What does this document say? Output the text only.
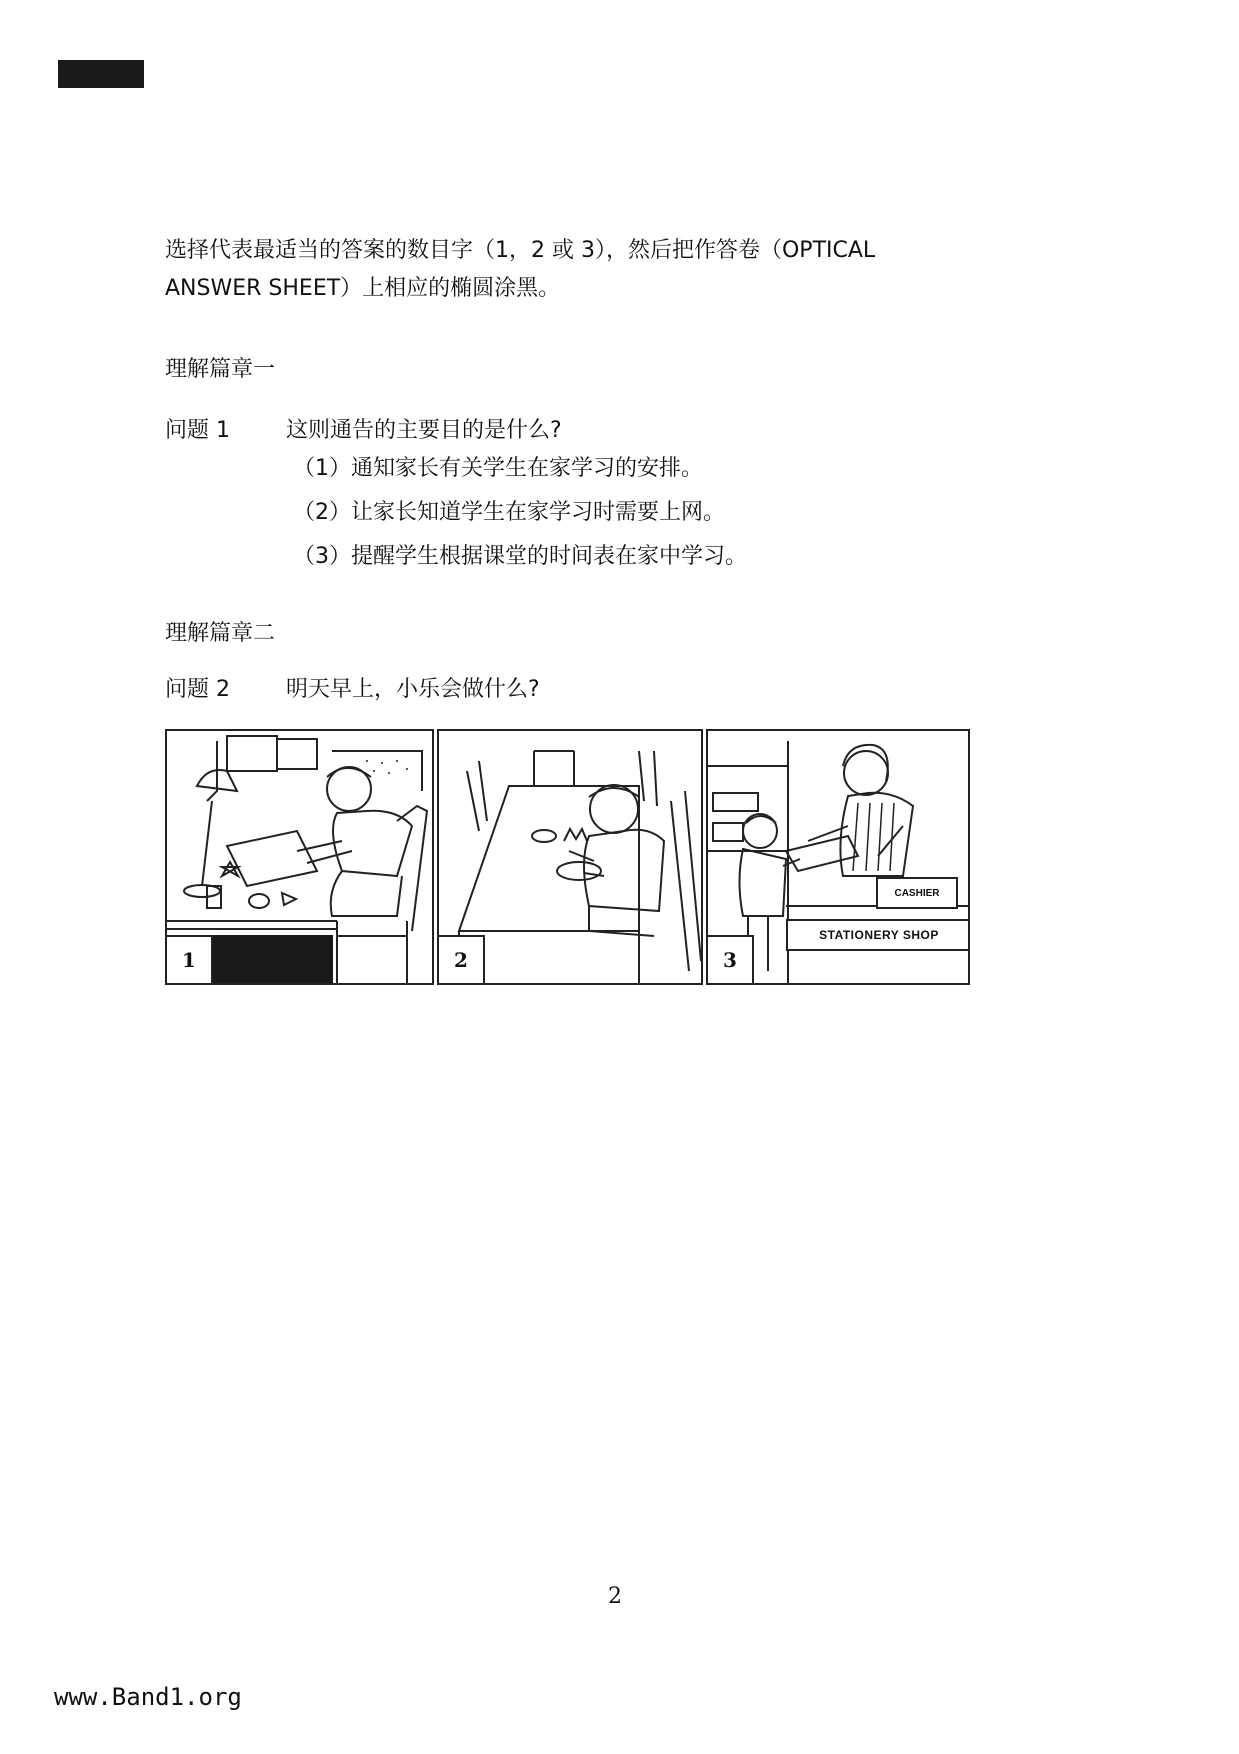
选择代表最适当的答案的数目字（1，2 或 3），然后把作答卷（OPTICAL
ANSWER SHEET）上相应的椭圆涂黑。
理解篇章一
问题 1	这则通告的主要目的是什么?
（1）通知家长有关学生在家学习的安排。
（2）让家长知道学生在家学习时需要上网。
（3）提醒学生根据课堂的时间表在家中学习。
理解篇章二
问题 2	明天早上，小乐会做什么?
1	2
CASHIER
STATIONERY SHOP
3
2
www.Band1.org
